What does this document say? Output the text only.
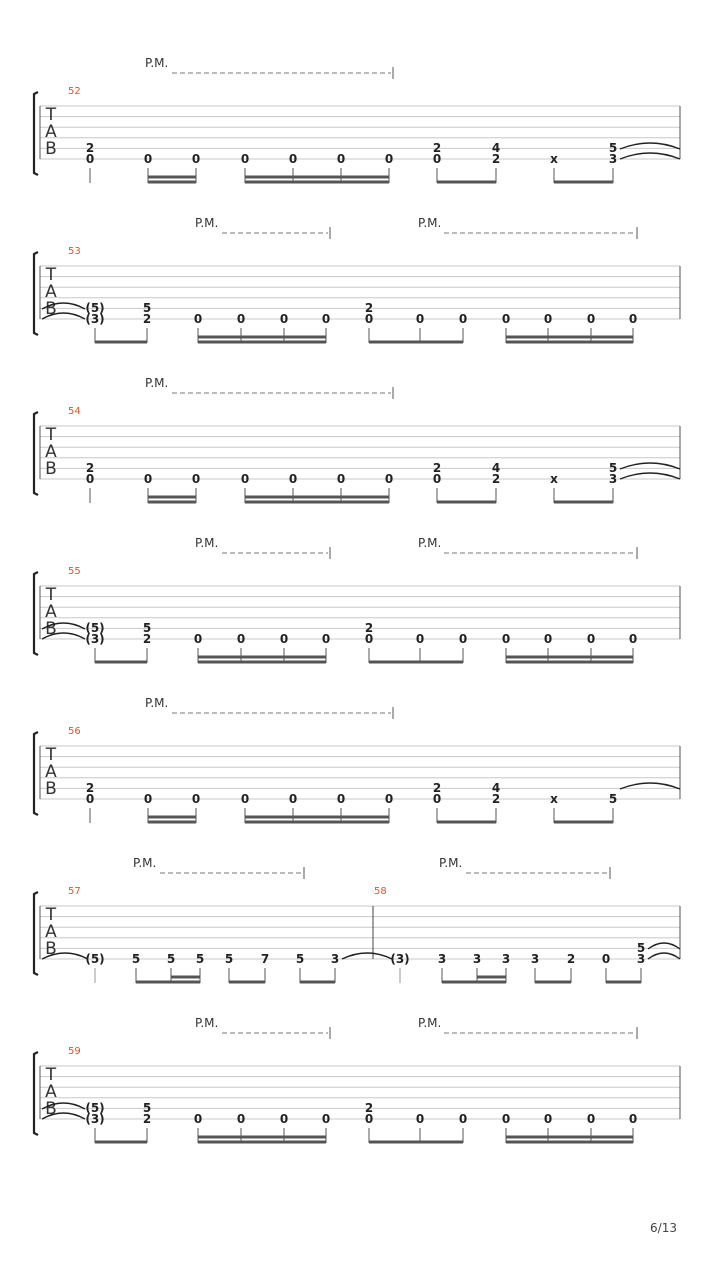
T
A
B
P.M.
52
2
0	0	0	0	0	0	0
2
0
4
2	x
5
3
T
A
B
P.M.	P.M.
53
(5)
(3)
5
2	0	0	0	0
2
0	0	0	0	0	0	0
T
A
B
P.M.
54
2
0	0	0	0	0	0	0
2
0
4
2	x
5
3
T
A
B
P.M.	P.M.
55
(5)
(3)
5
2	0	0	0	0
2
0	0	0	0	0	0	0
T
A
B
P.M.
56
2
0	0	0	0	0	0	0
2
0
4
2	x	5
T
A
B
P.M.	P.M.
57
(5) 5 5 5 5 7 5 3
58
(3) 3 3 3 3 2 0
5
3
T
A
B
P.M.	P.M.
59
(5)
(3)
5
2	0	0	0	0
2
0	0	0	0	0	0	0
6/13
